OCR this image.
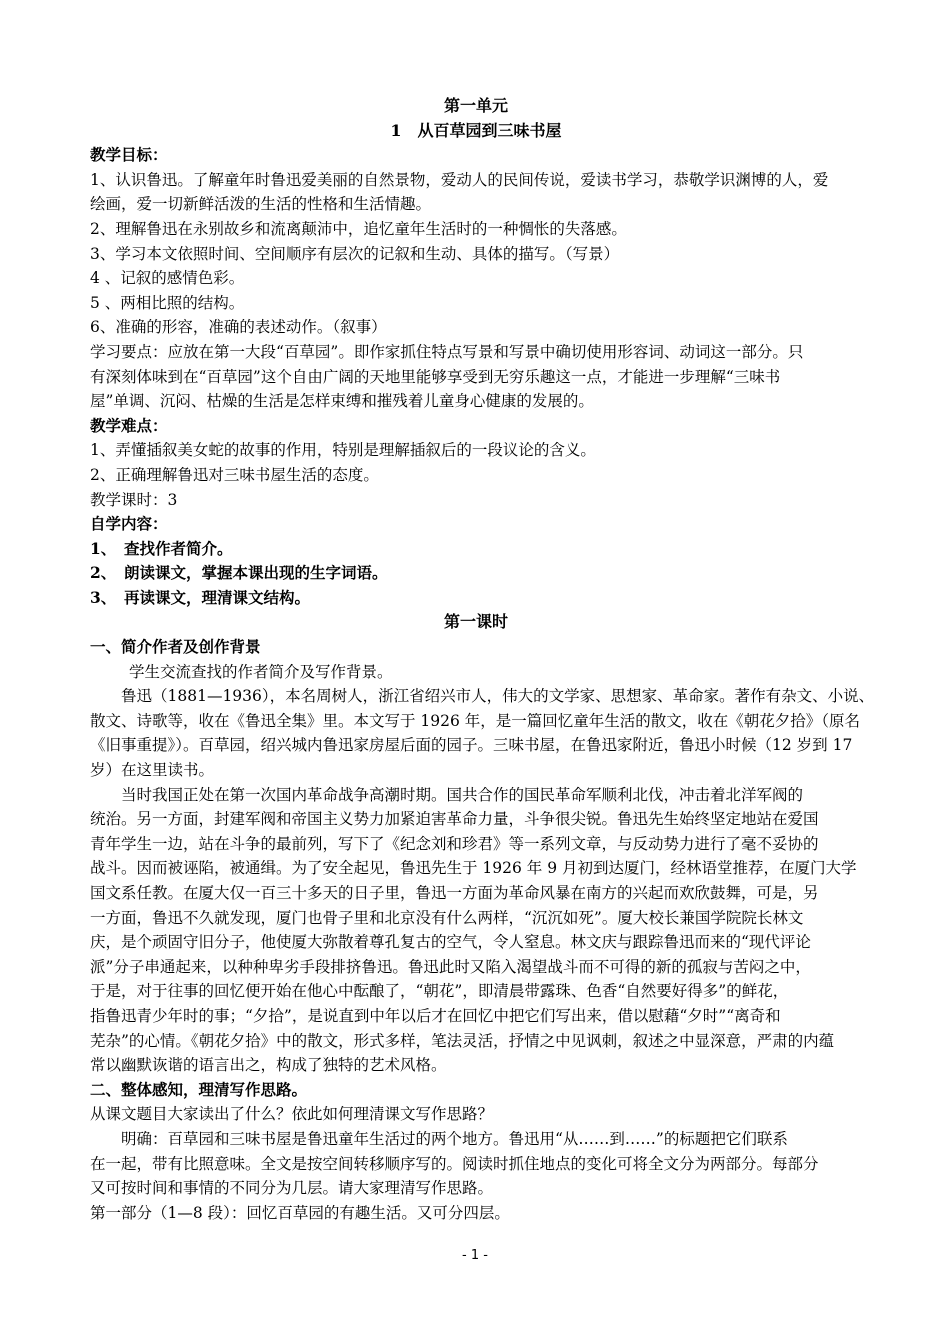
第一单元
1　从百草园到三味书屋
教学目标：
1、认识鲁迅。了解童年时鲁迅爱美丽的自然景物，爱动人的民间传说，爱读书学习，恭敬学识渊博的人，爱
绘画，爱一切新鲜活泼的生活的性格和生活情趣。
2、理解鲁迅在永别故乡和流离颠沛中，追忆童年生活时的一种惆怅的失落感。
3、学习本文依照时间、空间顺序有层次的记叙和生动、具体的描写。（写景）
4 、记叙的感情色彩。
5 、两相比照的结构。
6、准确的形容，准确的表述动作。（叙事）
学习要点：应放在第一大段“百草园”。即作家抓住特点写景和写景中确切使用形容词、动词这一部分。只
有深刻体味到在“百草园”这个自由广阔的天地里能够享受到无穷乐趣这一点，才能进一步理解“三味书
屋”单调、沉闷、枯燥的生活是怎样束缚和摧残着儿童身心健康的发展的。
教学难点：
1、弄懂插叙美女蛇的故事的作用，特别是理解插叙后的一段议论的含义。
2、正确理解鲁迅对三味书屋生活的态度。
教学课时：3
自学内容：
1、　查找作者简介。
2、　朗读课文，掌握本课出现的生字词语。
3、　再读课文，理清课文结构。
第一课时
一、简介作者及创作背景
学生交流查找的作者简介及写作背景。
鲁迅（1881—1936），本名周树人，浙江省绍兴市人，伟大的文学家、思想家、革命家。著作有杂文、小说、
散文、诗歌等，收在《鲁迅全集》里。本文写于 1926 年，是一篇回忆童年生活的散文，收在《朝花夕拾》（原名
《旧事重提》）。百草园，绍兴城内鲁迅家房屋后面的园子。三味书屋，在鲁迅家附近，鲁迅小时候（12 岁到 17
岁）在这里读书。
当时我国正处在第一次国内革命战争高潮时期。国共合作的国民革命军顺利北伐，冲击着北洋军阀的
统治。另一方面，封建军阀和帝国主义势力加紧迫害革命力量，斗争很尖锐。鲁迅先生始终坚定地站在爱国
青年学生一边，站在斗争的最前列，写下了《纪念刘和珍君》等一系列文章，与反动势力进行了毫不妥协的
战斗。因而被诬陷，被通缉。为了安全起见，鲁迅先生于 1926 年 9 月初到达厦门，经林语堂推荐，在厦门大学
国文系任教。在厦大仅一百三十多天的日子里，鲁迅一方面为革命风暴在南方的兴起而欢欣鼓舞，可是，另
一方面，鲁迅不久就发现，厦门也骨子里和北京没有什么两样，“沉沉如死”。厦大校长兼国学院院长林文
庆，是个顽固守旧分子，他使厦大弥散着尊孔复古的空气，令人窒息。林文庆与跟踪鲁迅而来的“现代评论
派”分子串通起来，以种种卑劣手段排挤鲁迅。鲁迅此时又陷入渴望战斗而不可得的新的孤寂与苦闷之中，
于是，对于往事的回忆便开始在他心中酝酿了，“朝花”，即清晨带露珠、色香“自然要好得多”的鲜花，
指鲁迅青少年时的事；“夕拾”，是说直到中年以后才在回忆中把它们写出来，借以慰藉“夕时”“离奇和
芜杂”的心情。《朝花夕拾》中的散文，形式多样，笔法灵活，抒情之中见讽刺，叙述之中显深意，严肃的内蕴
常以幽默诙谐的语言出之，构成了独特的艺术风格。
二、整体感知，理清写作思路。
从课文题目大家读出了什么？依此如何理清课文写作思路？
明确：百草园和三味书屋是鲁迅童年生活过的两个地方。鲁迅用“从……到……”的标题把它们联系
在一起，带有比照意味。全文是按空间转移顺序写的。阅读时抓住地点的变化可将全文分为两部分。每部分
又可按时间和事情的不同分为几层。请大家理清写作思路。
第一部分（1—8 段）：回忆百草园的有趣生活。又可分四层。
- 1 -
